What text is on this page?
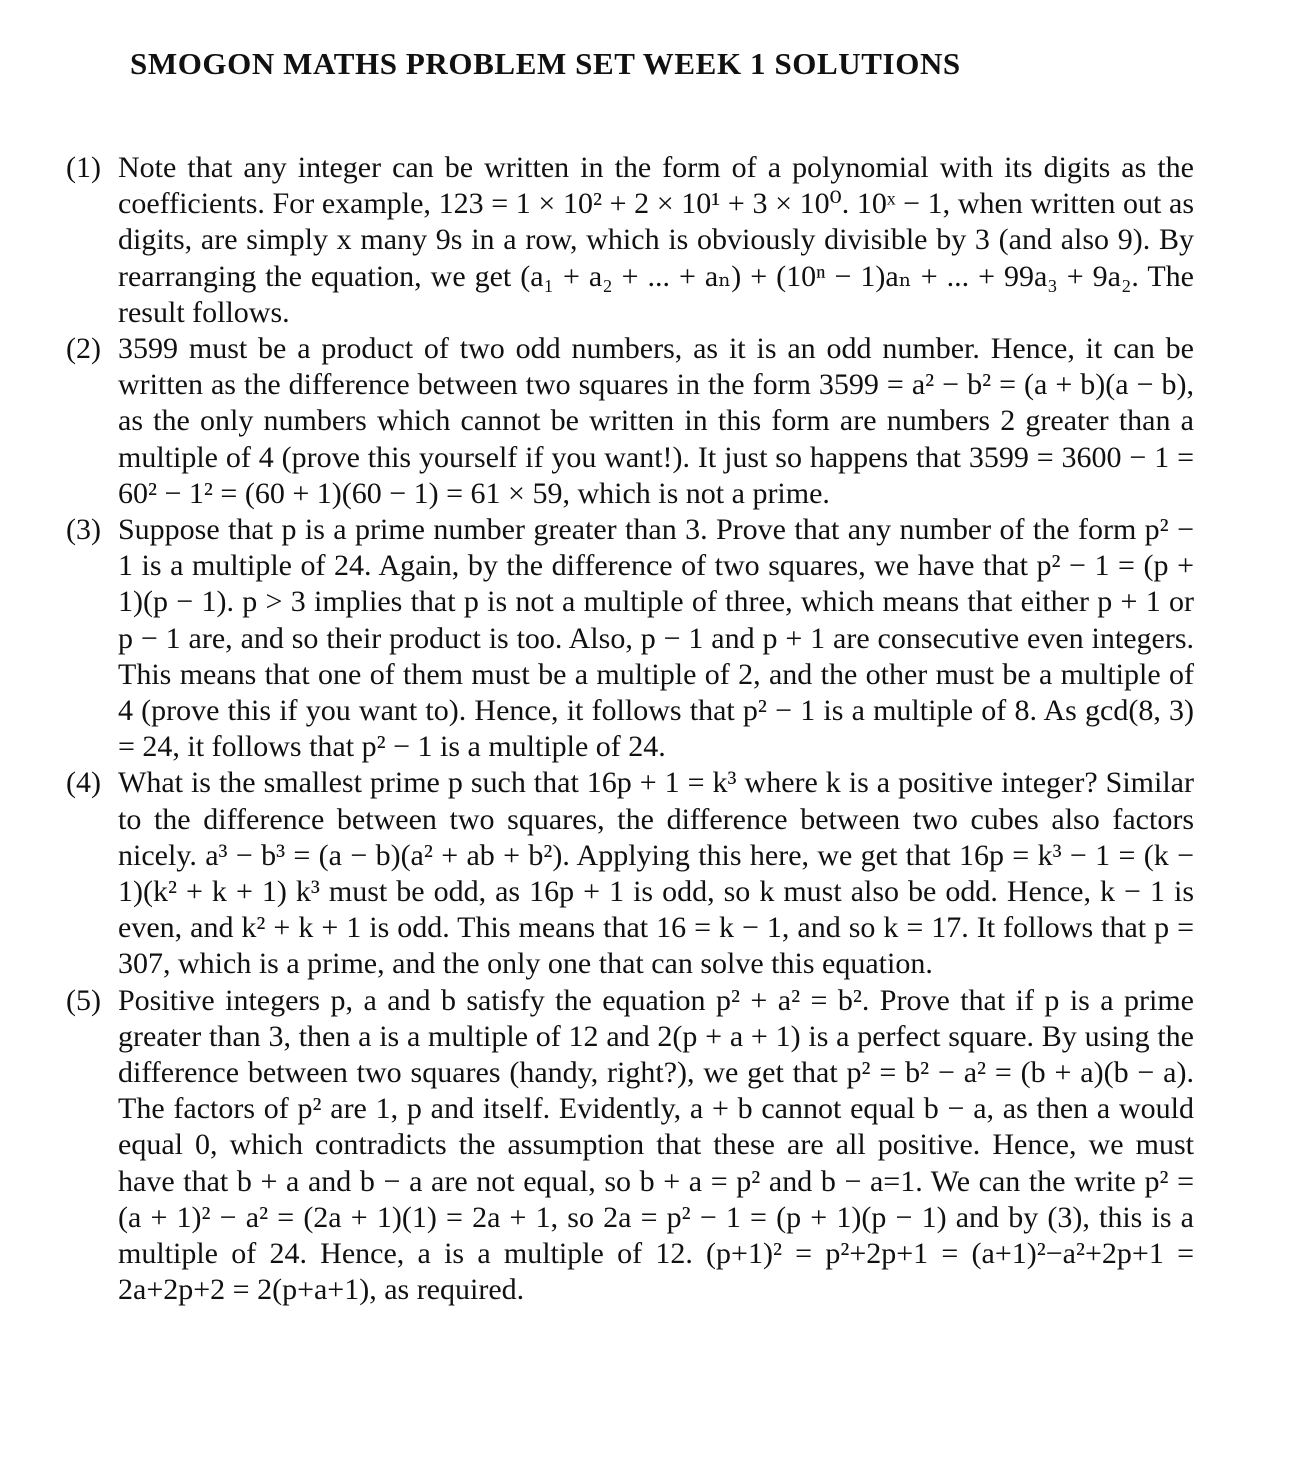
SMOGON MATHS PROBLEM SET WEEK 1 SOLUTIONS
(1) Note that any integer can be written in the form of a polynomial with its digits as the coefficients. For example, 123 = 1 × 10² + 2 × 10¹ + 3 × 10⁰. 10ˣ − 1, when written out as digits, are simply x many 9s in a row, which is obviously divisible by 3 (and also 9). By rearranging the equation, we get (a₁ + a₂ + ... + aₙ) + (10ⁿ − 1)aₙ + ... + 99a₃ + 9a₂. The result follows.
(2) 3599 must be a product of two odd numbers, as it is an odd number. Hence, it can be written as the difference between two squares in the form 3599 = a² − b² = (a + b)(a − b), as the only numbers which cannot be written in this form are numbers 2 greater than a multiple of 4 (prove this yourself if you want!). It just so happens that 3599 = 3600 − 1 = 60² − 1² = (60 + 1)(60 − 1) = 61 × 59, which is not a prime.
(3) Suppose that p is a prime number greater than 3. Prove that any number of the form p² − 1 is a multiple of 24. Again, by the difference of two squares, we have that p² − 1 = (p + 1)(p − 1). p > 3 implies that p is not a multiple of three, which means that either p + 1 or p − 1 are, and so their product is too. Also, p − 1 and p + 1 are consecutive even integers. This means that one of them must be a multiple of 2, and the other must be a multiple of 4 (prove this if you want to). Hence, it follows that p² − 1 is a multiple of 8. As gcd(8, 3) = 24, it follows that p² − 1 is a multiple of 24.
(4) What is the smallest prime p such that 16p + 1 = k³ where k is a positive integer? Similar to the difference between two squares, the difference between two cubes also factors nicely. a³ − b³ = (a − b)(a² + ab + b²). Applying this here, we get that 16p = k³ − 1 = (k − 1)(k² + k + 1) k³ must be odd, as 16p + 1 is odd, so k must also be odd. Hence, k − 1 is even, and k² + k + 1 is odd. This means that 16 = k − 1, and so k = 17. It follows that p = 307, which is a prime, and the only one that can solve this equation.
(5) Positive integers p, a and b satisfy the equation p² + a² = b². Prove that if p is a prime greater than 3, then a is a multiple of 12 and 2(p + a + 1) is a perfect square. By using the difference between two squares (handy, right?), we get that p² = b² − a² = (b + a)(b − a). The factors of p² are 1, p and itself. Evidently, a + b cannot equal b − a, as then a would equal 0, which contradicts the assumption that these are all positive. Hence, we must have that b + a and b − a are not equal, so b + a = p² and b − a=1. We can the write p² = (a + 1)² − a² = (2a + 1)(1) = 2a + 1, so 2a = p² − 1 = (p + 1)(p − 1) and by (3), this is a multiple of 24. Hence, a is a multiple of 12. (p+1)² = p²+2p+1 = (a+1)²−a²+2p+1 = 2a+2p+2 = 2(p+a+1), as required.
